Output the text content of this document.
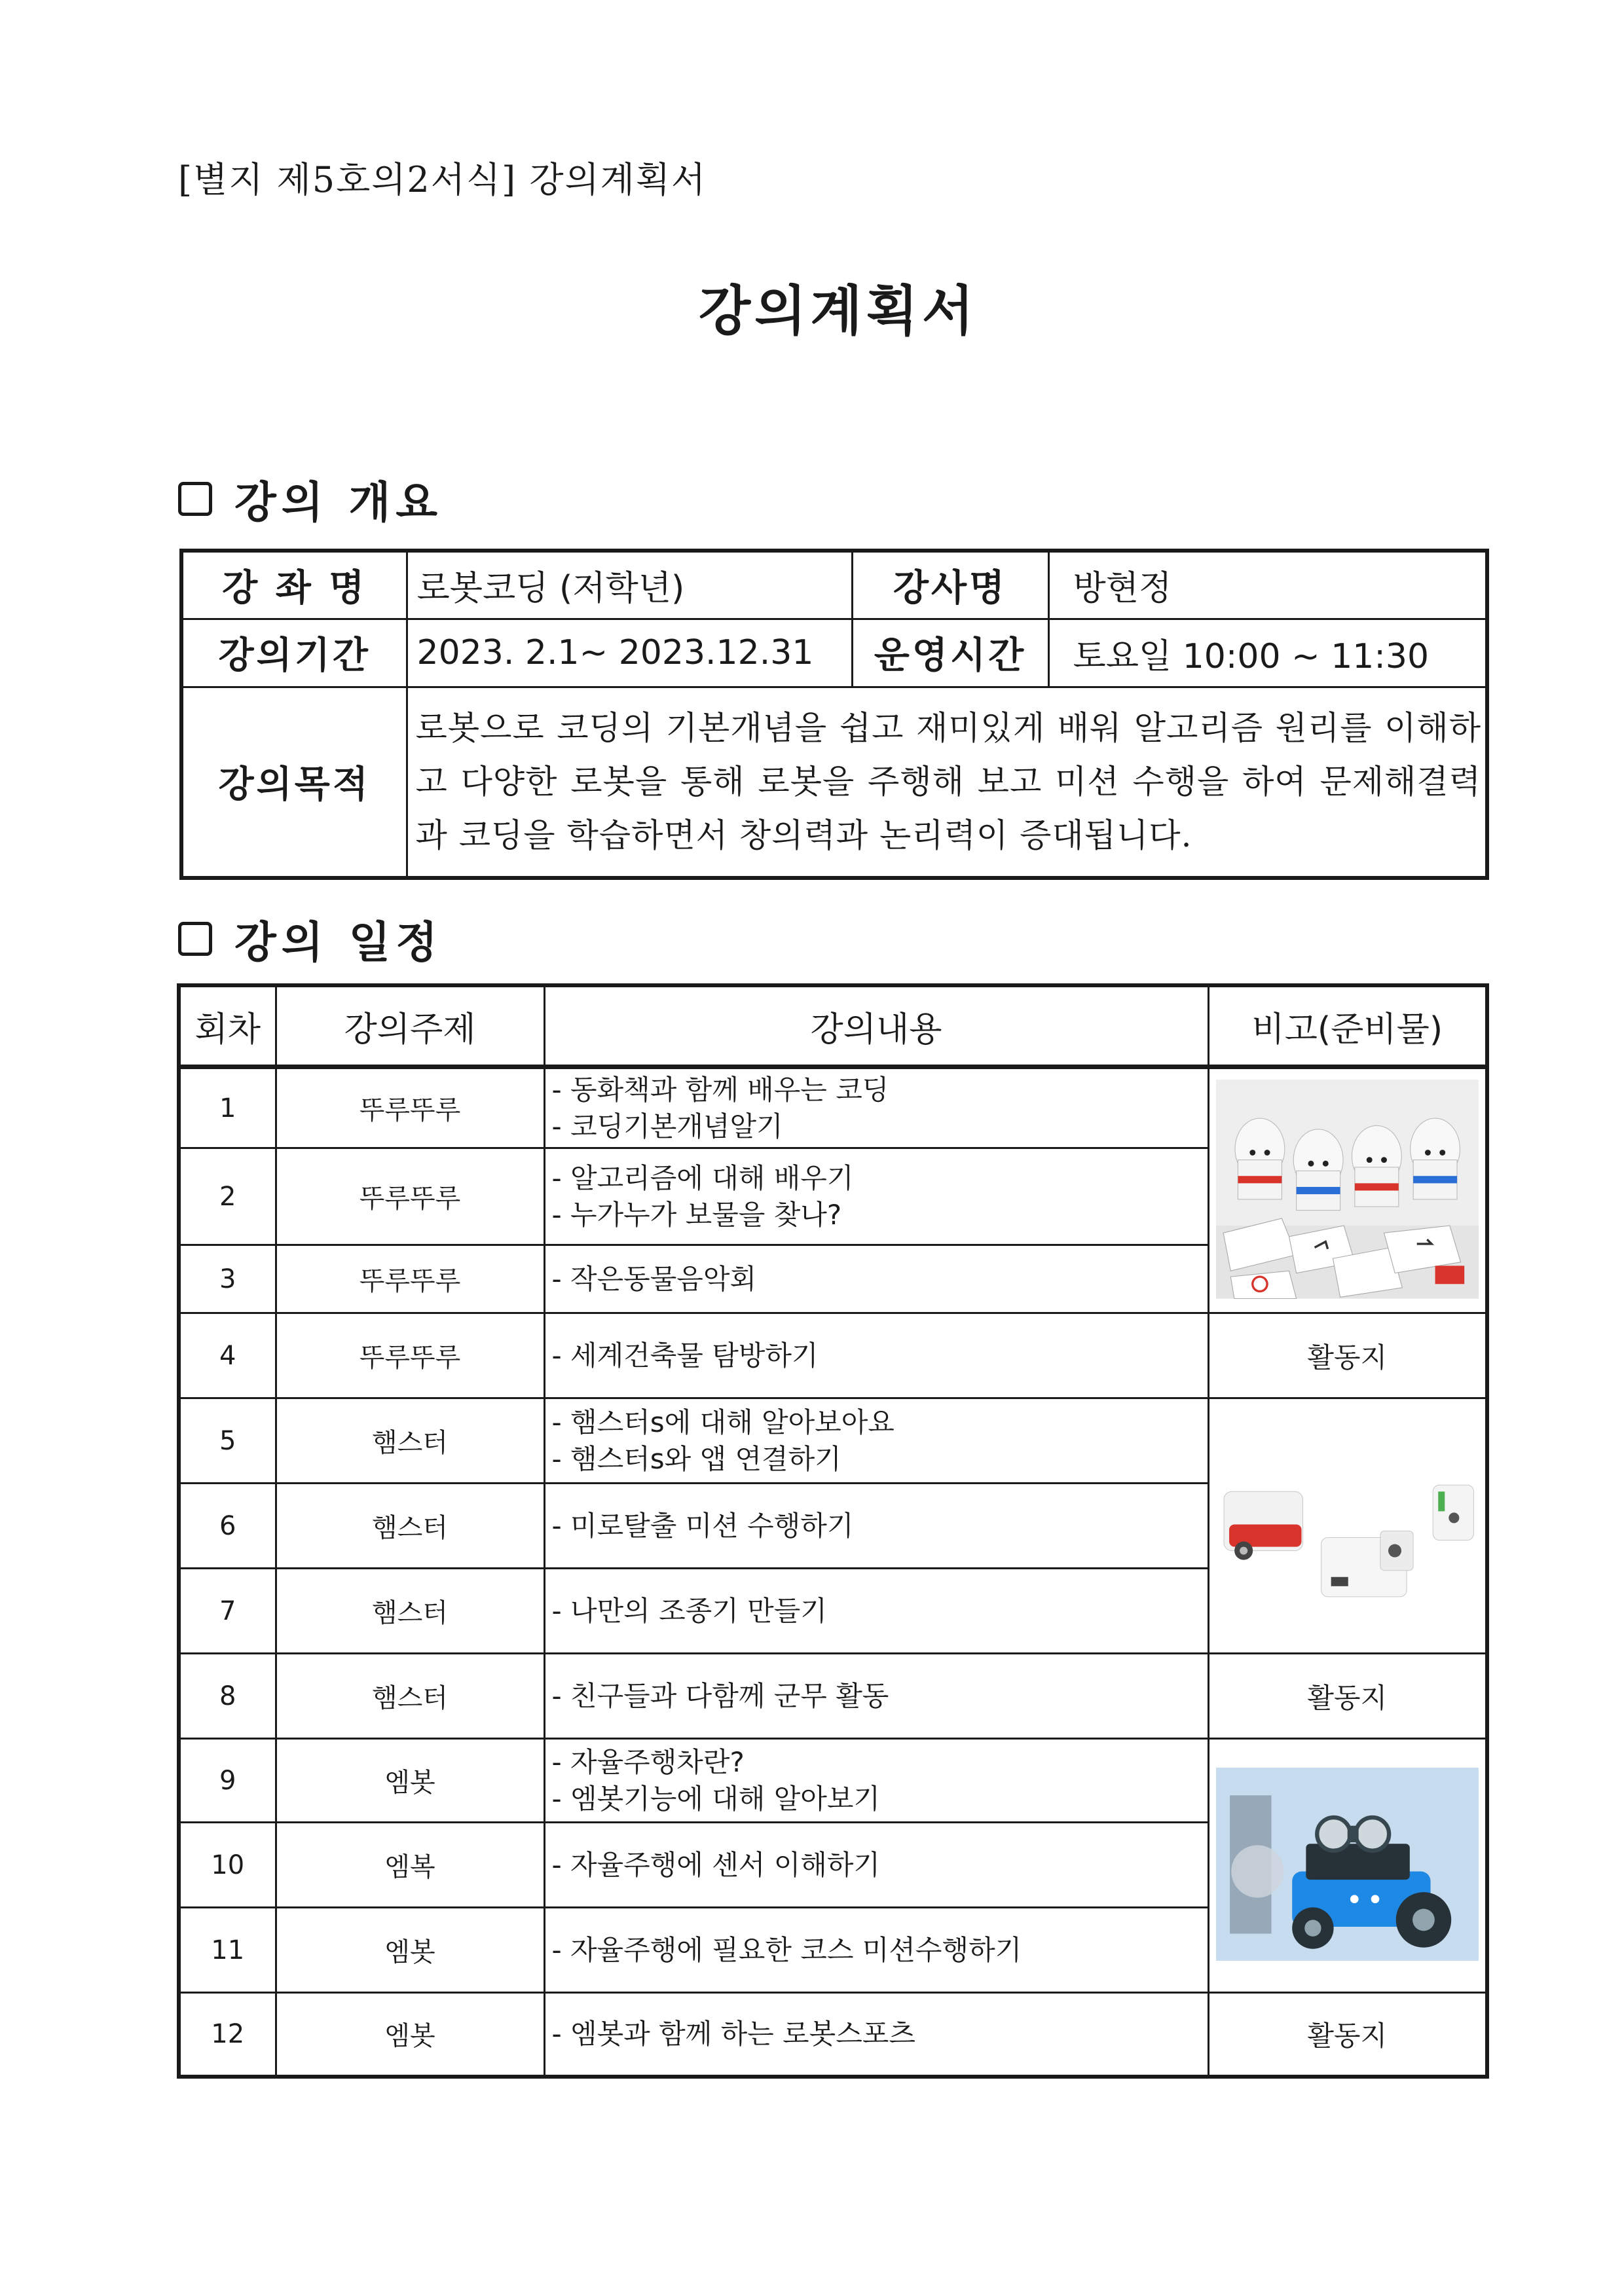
[별지 제5호의2서식] 강의계획서
강의계획서
강의 개요
강 좌 명	로봇코딩 (저학년)	강사명	방현정
강의기간	2023. 2.1~ 2023.12.31	운영시간	토요일 10:00 ~ 11:30
강의목적	로봇으로 코딩의 기본개념을 쉽고 재미있게 배워 알고리즘 원리를 이해하고 다양한 로봇을 통해 로봇을 주행해 보고 미션 수행을 하여 문제해결력과 코딩을 학습하면서 창의력과 논리력이 증대됩니다.		
강의 일정
회차	강의주제	강의내용	비고(준비물)
1	뚜루뚜루	- 동화책과 함께 배우는 코딩
- 코딩기본개념알기

2	뚜루뚜루	- 알고리즘에 대해 배우기
- 누가누가 보물을 찾나?	

3	뚜루뚜루	- 작은동물음악회	

4	뚜루뚜루	- 세계건축물 탐방하기	활동지
5	햄스터	- 햄스터s에 대해 알아보아요
- 햄스터s와 앱 연결하기

6	햄스터	- 미로탈출 미션 수행하기	

7	햄스터	- 나만의 조종기 만들기	

8	햄스터	- 친구들과 다함께 군무 활동	활동지
9	엠봇	- 자율주행차란?
- 엠봇기능에 대해 알아보기

10	엠복	- 자율주행에 센서 이해하기	

11	엠봇	- 자율주행에 필요한 코스 미션수행하기	

12	엠봇	- 엠봇과 함께 하는 로봇스포츠	활동지
